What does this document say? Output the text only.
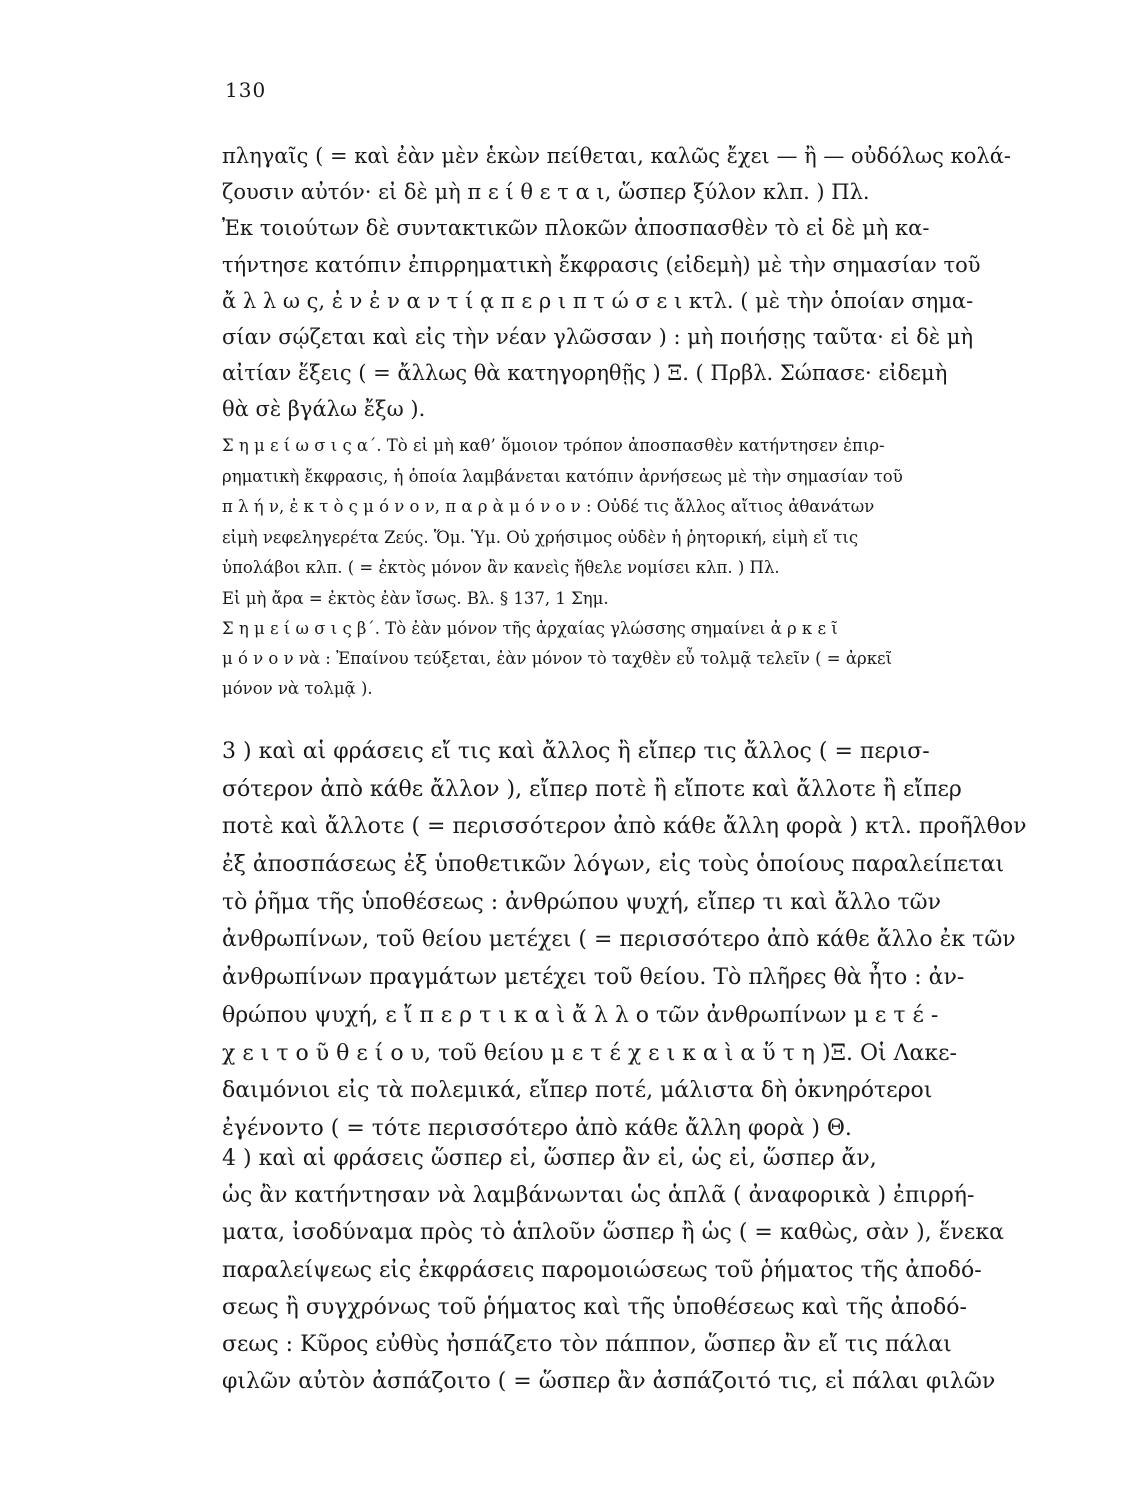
130
πληγαῖς ( = καὶ ἐὰν μὲν ἑκὼν πείθεται, καλῶς ἔχει — ἢ — οὐδόλως κολά-
ζουσιν αὐτόν· εἰ δὲ μὴ π ε ί θ ε τ α ι, ὥσπερ ξύλον κλπ. ) Πλ.
Ἐκ τοιούτων δὲ συντακτικῶν πλοκῶν ἀποσπασθὲν τὸ εἰ δὲ μὴ κα-
τήντησε κατόπιν ἐπιρρηματικὴ ἔκφρασις (εἰδεμὴ) μὲ τὴν σημασίαν τοῦ
ἄ λ λ ω ς, ἐ ν ἐ ν α ν τ ί ᾳ π ε ρ ι π τ ώ σ ε ι κτλ. ( μὲ τὴν ὁποίαν σημα-
σίαν σῴζεται καὶ εἰς τὴν νέαν γλῶσσαν ) : μὴ ποιήσῃς ταῦτα· εἰ δὲ μὴ
αἰτίαν ἕξεις ( = ἄλλως θὰ κατηγορηθῇς ) Ξ. ( Πρβλ. Σώπασε· εἰδεμὴ
θὰ σὲ βγάλω ἔξω ).
Σ η μ ε ί ω σ ι ς α΄. Τὸ εἰ μὴ καθ’ ὅμοιον τρόπον ἀποσπασθὲν κατήντησεν ἐπιρ-
ρηματικὴ ἔκφρασις, ἡ ὁποία λαμβάνεται κατόπιν ἀρνήσεως μὲ τὴν σημασίαν τοῦ
π λ ή ν, ἐ κ τ ὸ ς μ ό ν ο ν, π α ρ ὰ μ ό ν ο ν : Οὐδέ τις ἄλλος αἴτιος ἀθανάτων
εἰμὴ νεφεληγερέτα Ζεύς. Ὅμ. Ὑμ. Οὐ χρήσιμος οὐδὲν ἡ ῥητορική, εἰμὴ εἴ τις
ὑπολάβοι κλπ. ( = ἐκτὸς μόνον ἂν κανεὶς ἤθελε νομίσει κλπ. ) Πλ.
Εἰ μὴ ἄρα = ἐκτὸς ἐὰν ἴσως. Βλ. § 137, 1 Σημ.
Σ η μ ε ί ω σ ι ς β΄. Τὸ ἐὰν μόνον τῆς ἀρχαίας γλώσσης σημαίνει ἀ ρ κ ε ῖ
μ ό ν ο ν νὰ : Ἐπαίνου τεύξεται, ἐὰν μόνον τὸ ταχθὲν εὖ τολμᾷ τελεῖν ( = ἀρκεῖ
μόνον νὰ τολμᾷ ).
3 ) καὶ αἱ φράσεις εἴ τις καὶ ἄλλος ἢ εἴπερ τις ἄλλος ( = περισ-
σότερον ἀπὸ κάθε ἄλλον ), εἴπερ ποτὲ ἢ εἴποτε καὶ ἄλλοτε ἢ εἴπερ
ποτὲ καὶ ἄλλοτε ( = περισσότερον ἀπὸ κάθε ἄλλη φορὰ ) κτλ. προῆλθον
ἐξ ἀποσπάσεως ἐξ ὑποθετικῶν λόγων, εἰς τοὺς ὁποίους παραλείπεται
τὸ ῥῆμα τῆς ὑποθέσεως : ἀνθρώπου ψυχή, εἴπερ τι καὶ ἄλλο τῶν
ἀνθρωπίνων, τοῦ θείου μετέχει ( = περισσότερο ἀπὸ κάθε ἄλλο ἐκ τῶν
ἀνθρωπίνων πραγμάτων μετέχει τοῦ θείου. Τὸ πλῆρες θὰ ἦτο : ἀν-
θρώπου ψυχή, ε ἴ π ε ρ τ ι κ α ὶ ἄ λ λ ο τῶν ἀνθρωπίνων μ ε τ έ -
χ ε ι τ ο ῦ θ ε ί ο υ, τοῦ θείου μ ε τ έ χ ε ι κ α ὶ α ὕ τ η )Ξ. Οἱ Λακε-
δαιμόνιοι εἰς τὰ πολεμικά, εἴπερ ποτέ, μάλιστα δὴ ὀκνηρότεροι
ἐγένοντο ( = τότε περισσότερο ἀπὸ κάθε ἄλλη φορὰ ) Θ.
4 ) καὶ αἱ φράσεις ὥσπερ εἰ, ὥσπερ ἂν εἰ, ὡς εἰ, ὥσπερ ἄν,
ὡς ἂν κατήντησαν νὰ λαμβάνωνται ὡς ἁπλᾶ ( ἀναφορικὰ ) ἐπιρρή-
ματα, ἰσοδύναμα πρὸς τὸ ἁπλοῦν ὥσπερ ἢ ὡς ( = καθὼς, σὰν ), ἕνεκα
παραλείψεως εἰς ἐκφράσεις παρομοιώσεως τοῦ ῥήματος τῆς ἀποδό-
σεως ἢ συγχρόνως τοῦ ῥήματος καὶ τῆς ὑποθέσεως καὶ τῆς ἀποδό-
σεως : Κῦρος εὐθὺς ἠσπάζετο τὸν πάππον, ὥσπερ ἂν εἴ τις πάλαι
φιλῶν αὐτὸν ἀσπάζοιτο ( = ὥσπερ ἂν ἀσπάζοιτό τις, εἰ πάλαι φιλῶν
